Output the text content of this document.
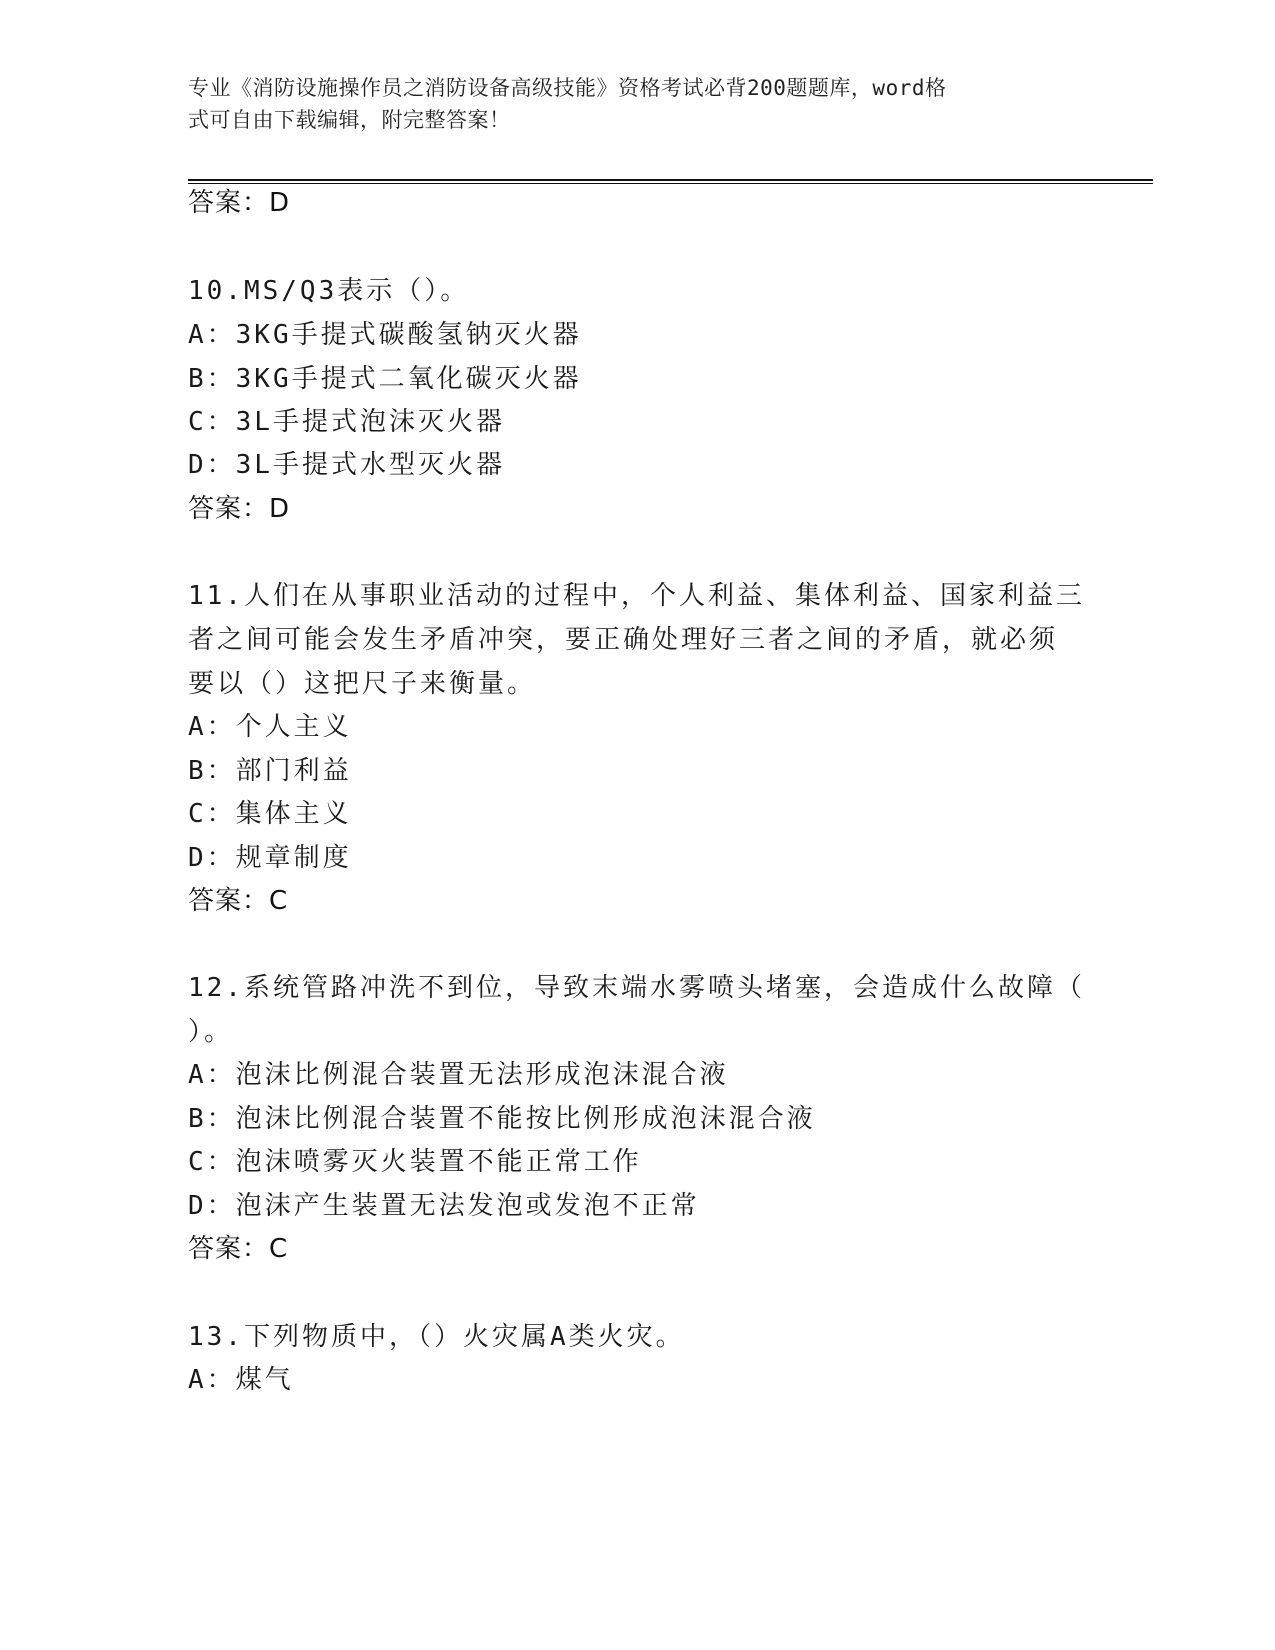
专业《消防设施操作员之消防设备高级技能》资格考试必背200题题库，word格
式可自由下载编辑，附完整答案！
答案：D
10.MS/Q3表示（）。
A：3KG手提式碳酸氢钠灭火器
B：3KG手提式二氧化碳灭火器
C：3L手提式泡沫灭火器
D：3L手提式水型灭火器
答案：D
11.人们在从事职业活动的过程中，个人利益、集体利益、国家利益三
者之间可能会发生矛盾冲突，要正确处理好三者之间的矛盾，就必须
要以（）这把尺子来衡量。
A：个人主义
B：部门利益
C：集体主义
D：规章制度
答案：C
12.系统管路冲洗不到位，导致末端水雾喷头堵塞，会造成什么故障（
）。
A：泡沫比例混合装置无法形成泡沫混合液
B：泡沫比例混合装置不能按比例形成泡沫混合液
C：泡沫喷雾灭火装置不能正常工作
D：泡沫产生装置无法发泡或发泡不正常
答案：C
13.下列物质中，（）火灾属A类火灾。
A：煤气
